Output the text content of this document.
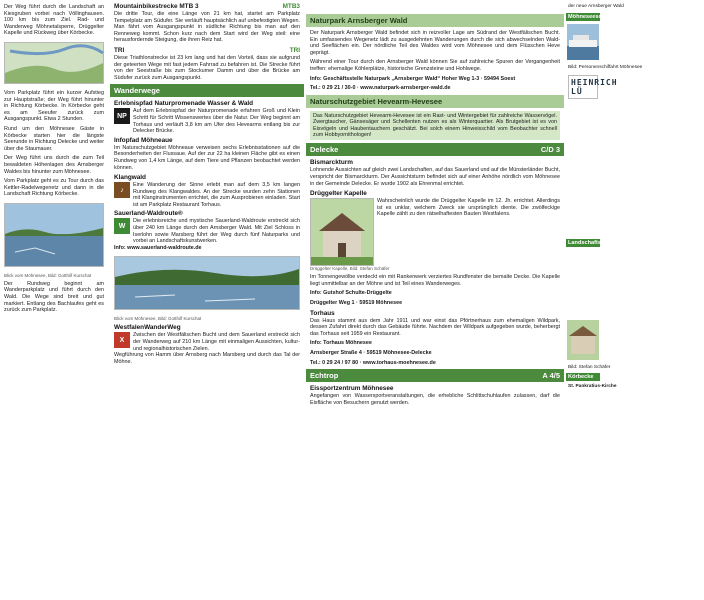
Der Weg führt durch die Landschaft an Kiesgruben vorbei nach Völlinghausen. 100 km bis zum Ziel. Rad- und Wanderweg Möhnetalsperre, Drüggelter Kapelle und Rückweg über Körbecke.

Vom Parkplatz führt ein kurzer Aufstieg zur Hauptstraße; der Weg führt hinunter in Richtung Körbecke. In Körbecke geht es am Seeufer zurück zum Ausgangspunkt. Etwa 2 Stunden.

Rund um den Möhnesee Gäste in Körbecke starten hier die längste Seerunde in Richtung Delecke und weiter über die Staumauer.

Der Weg führt uns durch die zum Teil bewaldeten Höhenlagen des Arnsberger Waldes bis hinunter zum Möhnesee.

Vom Parkplatz geht es zu Tour durch das Kettler-Radelwegenetz und dann in die Landschaft Richtung Körbecke.

Blick vom Möhnesee, Bild: Gotthilf Kurschat

Der Rundweg beginnt am Wanderparkplatz und führt durch den Wald. Die Wege sind breit und gut markiert. Entlang des Bachlaufes geht es zurück zum Parkplatz.

Mountainbikestrecke MTB 3	MTB3

Die dritte Tour, die eine Länge von 21 km hat, startet am Parkplatz Tempelplatz am Südufer. Sie verläuft hauptsächlich auf unbefestigten Wegen. Man fährt vom Ausgangspunkt in südliche Richtung bis man auf den Renneweg kommt. Schon kurz nach dem Start wird der Weg steil: eine herausfordernde Steigung, die ihren Reiz hat.

TRI	TRI

Diese Triathlonstrecke ist 23 km lang und hat den Vorteil, dass sie aufgrund der geteerten Wege mit fast jedem Fahrrad zu befahren ist. Die Strecke führt von der Seestraße bis zum Stockumer Damm und über die Brücke am Südufer zurück zum Ausgangspunkt.

Wanderwege
Erlebnispfad Naturpromenade Wasser & Wald
NP

Auf dem Erlebnispfad der Naturpromenade erfahren Groß und Klein Schritt für Schritt Wissenswertes über die Natur. Der Weg beginnt am Torhaus und verläuft 3,8 km am Ufer des Hevearms entlang bis zur Delecker Brücke.

Infopfad Möhneaue

Im Naturschutzgebiet Möhneaue verweisen sechs Erlebnisstationen auf die Besonderheiten der Flussaue. Auf der zur 22 ha kleinen Fläche gibt es einen Rundweg von 1,4 km Länge, auf dem Tiere und Pflanzen beobachtet werden können.

Klangwald
♪

Eine Wanderung der Sinne erlebt man auf dem 3,5 km langen Rundweg des Klangwaldes. An der Strecke wurden zehn Stationen mit Klanginstrumenten errichtet, die zum Ausprobieren einladen. Start ist am Parkplatz Restaurant Torhaus.

Sauerland-Waldroute®
W

Die erlebnisreiche und mystische Sauerland-Waldroute erstreckt sich über 240 km Länge durch den Arnsberger Wald. Mit Ziel Schloss in Iserlohn sowie Marsberg führt der Weg durch fünf Naturparks und vorbei an Landschaftskunstwerken.

Info: www.sauerland-waldroute.de
Blick vom Möhnesee, Bild: Gotthilf Kurschat
WestfalenWanderWeg
X

Zwischen der Westfälischen Bucht und dem Sauerland erstreckt sich der Wanderweg auf 210 km Länge mit einmaligen Aussichten, kultur- und regionalhistorischen Zielen.

Wegführung von Hamm über Arnsberg nach Marsberg und durch das Tal der Möhne.

Naturpark Arnsberger Wald

Der Naturpark Arnsberger Wald befindet sich in reizvoller Lage am Südrand der Westfälischen Bucht. Ein umfassendes Wegenetz lädt zu ausgedehnten Wanderungen durch die sich abwechselnden Wald- und Seeflächen ein. Der nördliche Teil des Waldes wird vom Möhnesee und dem Flüsschen Heve geprägt.

Während einer Tour durch den Arnsberger Wald können Sie auf zahlreiche Spuren der Vergangenheit treffen: ehemalige Köhlerplätze, historische Grenzsteine und Hohlwege.

Info: Geschäftsstelle Naturpark „Arnsberger Wald“ Hoher Weg 1-3 · 59494 Soest
Tel.: 0 29 21 / 30-0 · www.naturpark-arnsberger-wald.de
Naturschutzgebiet Hevearm-Hevesee
Das Naturschutzgebiet Hevearm-Hevesee ist ein Rast- und Wintergebiet für zahlreiche Wasservögel. Zwergtaucher, Gänsesäger und Schellenten nutzen es als Winterquartier. Als Brutgebiet ist es von Eisvögeln und Haubentauchern geschätzt. Bei solch einem Hinweisschild vom Beobachter schnell zum Hobbyornithologen!
Delecke	C/D 3
Bismarckturm

Lohnende Aussichten auf gleich zwei Landschaften, auf das Sauerland und auf die Münsterländer Bucht, verspricht der Bismarckturm. Der Aussichtsturm befindet sich auf einer Anhöhe nördlich vom Möhnesee in der Gemeinde Delecke. Er wurde 1902 als Ehrenmal errichtet.

Drüggelter Kapelle

Wahrscheinlich wurde die Drüggelter Kapelle im 12. Jh. errichtet. Allerdings ist es unklar, welchem Zweck sie ursprünglich diente. Die zwölfeckige Kapelle zählt zu den rätselhaftesten Bauten Westfalens.

Drüggelter Kapelle, Bild: Stefan Schäfer

Im Tonnengewölbe verdeckt ein mit Rankenwerk verziertes Rundfenster die bemalte Decke. Die Kapelle liegt unmittelbar an der Möhne und ist Teil eines Wanderweges.

Info: Gutshof Schulte-Drüggelte
Drüggelter Weg 1 · 59519 Möhnesee
Torhaus

Das Haus stammt aus dem Jahr 1911 und war einst das Pförtnerhaus zum ehemaligen Wildpark, dessen Zufahrt direkt durch das Gebäude führte. Nachdem der Wildpark aufgegeben wurde, beherbergt das Torhaus seit 1959 ein Restaurant.

Info: Torhaus Möhnesee
Arnsberger Straße 4 · 59519 Möhnesee-Delecke
Tel.: 0 29 24 / 97 80 · www.torhaus-moehnesee.de
Echtrop	A 4/5
Eissportzentrum Möhnesee

Angefangen von Wassersportveranstaltungen, die erhebliche Schlittschuhlaufen zulassen, darf die Eisfläche von Besuchern genutzt werden.

der neue Arnsberger Wald
Möhneseeschiffahrt
Bild: Personenschiffahrt Möhnesee
HEINRICH LÜ
Landschaftsinformationszentrum Wasser und Wald
Bild: Stefan Schäfer
Körbecke
St. Pankratius-Kirche
